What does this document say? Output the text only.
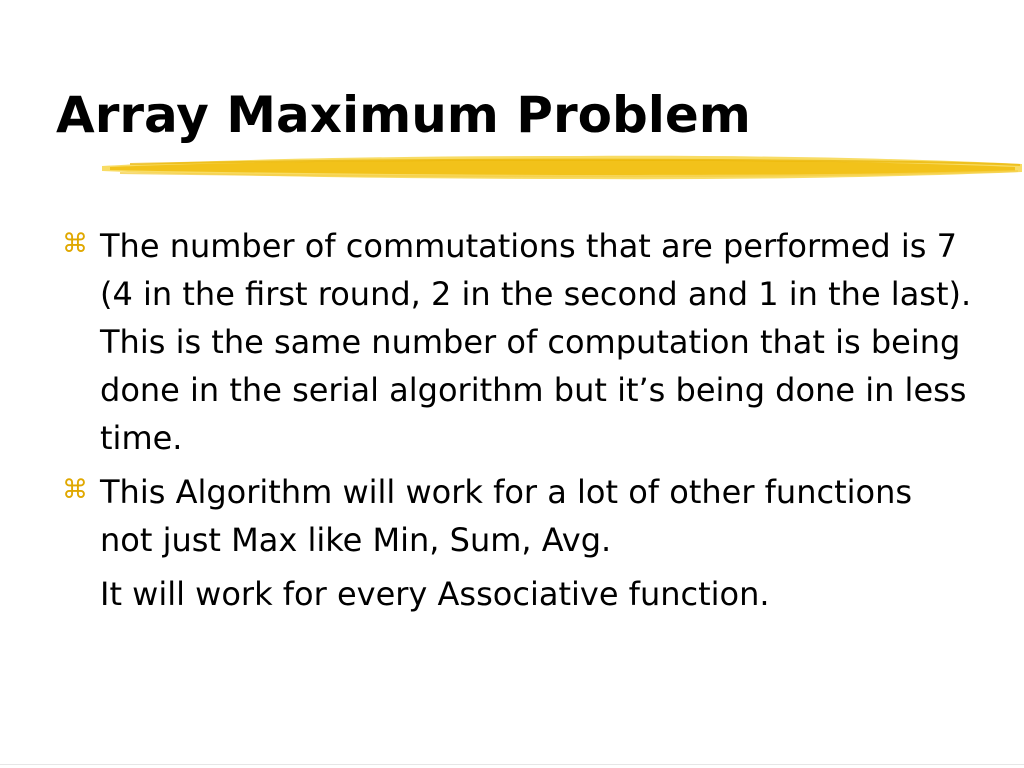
Array Maximum Problem
⌘ The number of commutations that are performed is 7 (4 in the first round, 2 in the second and 1 in the last). This is the same number of computation that is being done in the serial algorithm but it’s being done in less time.
⌘ This Algorithm will work for a lot of other functions not just Max like Min, Sum, Avg.
It will work for every Associative function.
